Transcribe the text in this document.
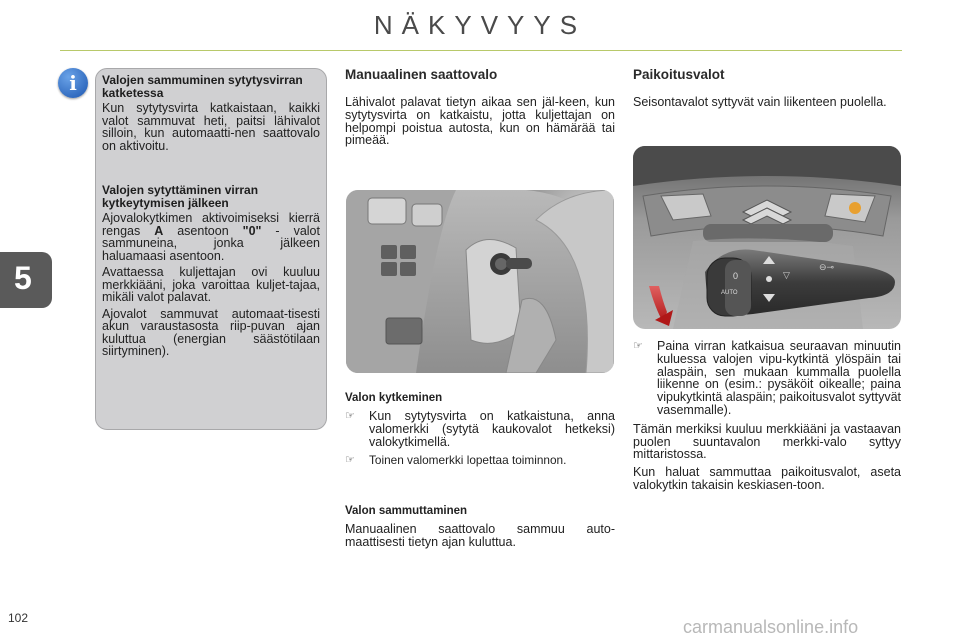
NÄKYVYYS
5
i	Valojen sammuminen sytytysvirran katketessa

Kun sytytysvirta katkaistaan, kaikki valot sammuvat heti, paitsi lähivalot silloin, kun automaatti-nen saattovalo on aktivoitu.

Valojen sytyttäminen virran kytkeytymisen jälkeen

Ajovalokytkimen aktivoimiseksi kierrä rengas A asentoon "0" - valot sammuneina, jonka jälkeen haluamaasi asentoon.

Avattaessa kuljettajan ovi kuuluu merkkiääni, joka varoittaa kuljet-tajaa, mikäli valot palavat.

Ajovalot sammuvat automaat-tisesti akun varaustasosta riip-puvan ajan kuluttua (energian säästötilaan siirtyminen).

Manuaalinen saattovalo

Lähivalot palavat tietyn aikaa sen jäl-keen, kun sytytysvirta on katkaistu, jotta kuljettajan on helpompi poistua autosta, kun on hämärää tai pimeää.

Valon kytkeminen

☞	Kun sytytysvirta on katkaistuna, anna valomerkki (sytytä kaukovalot hetkeksi) valokytkimellä.
☞	Toinen valomerkki lopettaa toiminnon.

Valon sammuttaminen

Manuaalinen saattovalo sammuu auto-maattisesti tietyn ajan kuluttua.

Paikoitusvalot

Seisontavalot syttyvät vain liikenteen puolella.

0
AUTO
▽
⊖⊸
☞	Paina virran katkaisua seuraavan minuutin kuluessa valojen vipu-kytkintä ylöspäin tai alaspäin, sen mukaan kummalla puolella liikenne on (esim.: pysäköit oikealle; paina vipukytkintä alaspäin; paikoitusvalot syttyvät vasemmalle).

Tämän merkiksi kuuluu merkkiääni ja vastaavan puolen suuntavalon merkki-valo syttyy mittaristossa.

Kun haluat sammuttaa paikoitusvalot, aseta valokytkin takaisin keskiasen-toon.

102	carmanualsonline.info
